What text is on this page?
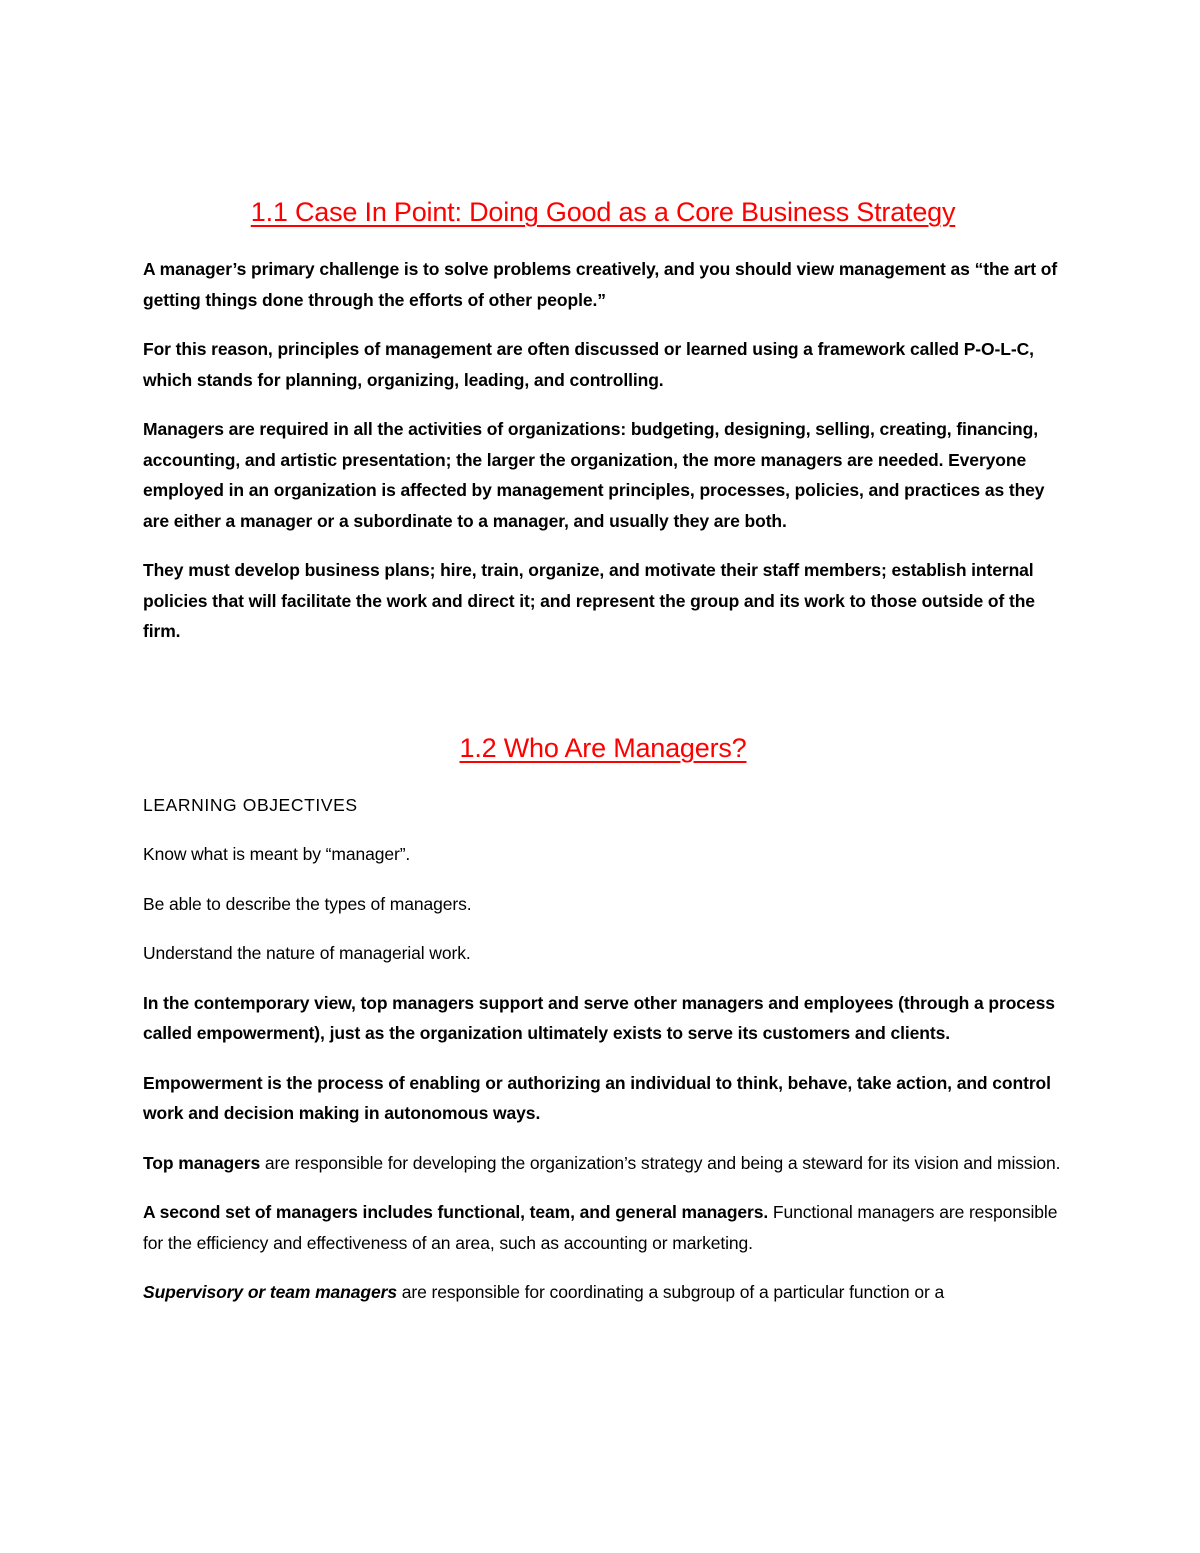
1.1 Case In Point: Doing Good as a Core Business Strategy

A manager’s primary challenge is to solve problems creatively, and you should view management as “the art of getting things done through the efforts of other people.”

For this reason, principles of management are often discussed or learned using a framework called P-O-L-C, which stands for planning, organizing, leading, and controlling.

Managers are required in all the activities of organizations: budgeting, designing, selling, creating, financing, accounting, and artistic presentation; the larger the organization, the more managers are needed. Everyone employed in an organization is affected by management principles, processes, policies, and practices as they are either a manager or a subordinate to a manager, and usually they are both.

They must develop business plans; hire, train, organize, and motivate their staff members; establish internal policies that will facilitate the work and direct it; and represent the group and its work to those outside of the firm.

1.2 Who Are Managers?

LEARNING OBJECTIVES

Know what is meant by “manager”.

Be able to describe the types of managers.

Understand the nature of managerial work.

In the contemporary view, top managers support and serve other managers and employees (through a process called empowerment), just as the organization ultimately exists to serve its customers and clients.

Empowerment is the process of enabling or authorizing an individual to think, behave, take action, and control work and decision making in autonomous ways.

Top managers are responsible for developing the organization’s strategy and being a steward for its vision and mission.

A second set of managers includes functional, team, and general managers. Functional managers are responsible for the efficiency and effectiveness of an area, such as accounting or marketing.

Supervisory or team managers are responsible for coordinating a subgroup of a particular function or a
